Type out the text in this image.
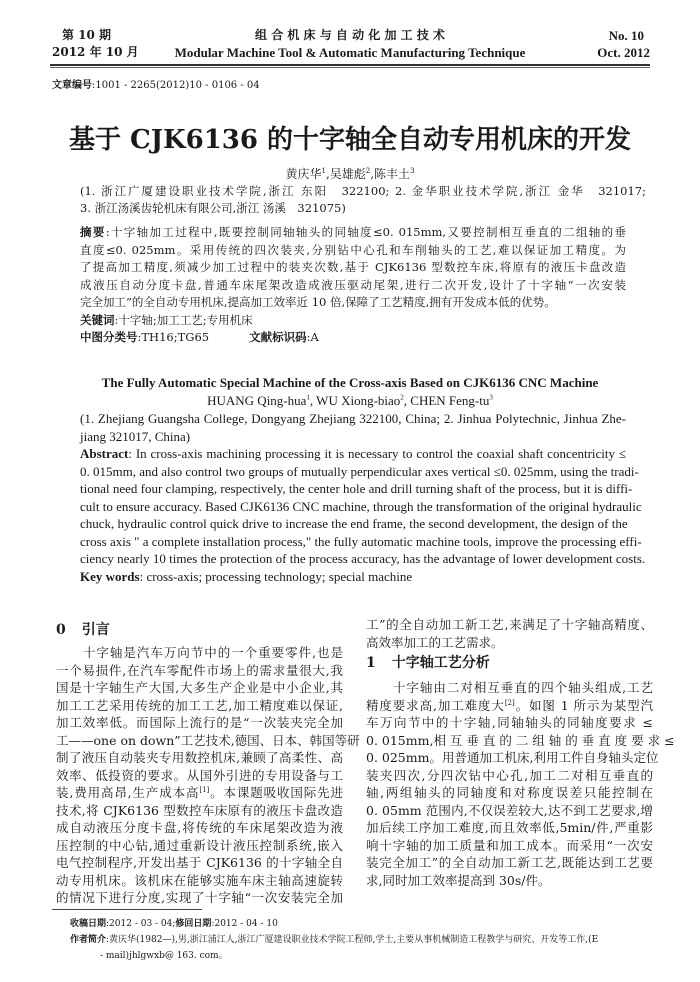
第 10 期
2012 年 10 月
组 合 机 床 与 自 动 化 加 工 技 术
Modular Machine Tool & Automatic Manufacturing Technique
No. 10
Oct. 2012
文章编号:1001 - 2265(2012)10 - 0106 - 04
基于 CJK6136 的十字轴全自动专用机床的开发
黄庆华$^1$,吴雄彪$^2$,陈丰土$^3$
(1. 浙江广厦建设职业技术学院,浙江 东阳　322100; 2. 金华职业技术学院,浙江 金华　321017;
3. 浙江汤溪齿轮机床有限公司,浙江 汤溪　321075)
摘要:十字轴加工过程中,既要控制同轴轴头的同轴度≤0. 015mm,又要控制相互垂直的二组轴的垂
直度≤0. 025mm。采用传统的四次装夹,分别钻中心孔和车削轴头的工艺,难以保证加工精度。为
了提高加工精度,须减少加工过程中的装夹次数,基于 CJK6136 型数控车床,将原有的液压卡盘改造
成液压自动分度卡盘,普通车床尾架改造成液压驱动尾架,进行二次开发,设计了十字轴“一次安装
完全加工”的全自动专用机床,提高加工效率近 10 倍,保障了工艺精度,拥有开发成本低的优势。
关键词:十字轴;加工工艺;专用机床
中图分类号:TH16;TG65	文献标识码:A
The Fully Automatic Special Machine of the Cross-axis Based on CJK6136 CNC Machine
HUANG Qing-hua$^1$, WU Xiong-biao$^2$, CHEN Feng-$tu^3$
(1. Zhejiang Guangsha College, Dongyang Zhejiang 322100, China; 2. Jinhua Polytechnic, Jinhua Zhe-
jiang 321017, China)
Abstract: In cross-axis machining processing it is necessary to control the coaxial shaft concentricity ≤
0. 015mm, and also control two groups of mutually perpendicular axes vertical ≤0. 025mm, using the tradi-
tional need four clamping, respectively, the center hole and drill turning shaft of the process, but it is diffi-
cult to ensure accuracy. Based CJK6136 CNC machine, through the transformation of the original hydraulic
chuck, hydraulic control quick drive to increase the end frame, the second development, the design of the
cross axis " a complete installation process," the fully automatic machine tools, improve the processing effi-
ciency nearly 10 times the protection of the process accuracy, has the advantage of lower development costs.
Key words: cross-axis; processing technology; special machine
0 引言
　　十字轴是汽车万向节中的一个重要零件,也是
一个易损件,在汽车零配件市场上的需求量很大,我
国是十字轴生产大国,大多生产企业是中小企业,其
加工工艺采用传统的加工工艺,加工精度难以保证,
加工效率低。而国际上流行的是“一次装夹完全加
工——one on down”工艺技术,德国、日本、韩国等研
制了液压自动装夹专用数控机床,兼顾了高柔性、高
效率、低投资的要求。从国外引进的专用设备与工
装,费用高昂,生产成本高[1]。本课题吸收国际先进
技术,将 CJK6136 型数控车床原有的液压卡盘改造
成自动液压分度卡盘,将传统的车床尾架改造为液
压控制的中心钻,通过重新设计液压控制系统,嵌入
电气控制程序,开发出基于 CJK6136 的十字轴全自
动专用机床。该机床在能够实施车床主轴高速旋转
的情况下进行分度,实现了十字轴“一次安装完全加
工”的全自动加工新工艺,来满足了十字轴高精度、
高效率加工的工艺需求。
1 十字轴工艺分析
　　十字轴由二对相互垂直的四个轴头组成,工艺
精度要求高,加工难度大[2]。如图 1 所示为某型汽
车万向节中的十字轴,同轴轴头的同轴度要求 ≤
0. 015mm,相 互 垂 直 的 二 组 轴 的 垂 直 度 要 求 ≤
0. 025mm。用普通加工机床,利用工件自身轴头定位
装夹四次,分四次钻中心孔,加工二对相互垂直的
轴,两组轴头的同轴度和对称度误差只能控制在
0. 05mm 范围内,不仅误差较大,达不到工艺要求,增
加后续工序加工难度,而且效率低,5min/件,严重影
响十字轴的加工质量和加工成本。而采用“一次安
装完全加工”的全自动加工新工艺,既能达到工艺要
求,同时加工效率提高到 30s/件。
收稿日期:2012 - 03 - 04;修回日期:2012 - 04 - 10
作者简介:黄庆华(1982—),男,浙江浦江人,浙江广厦建设职业技术学院工程师,学士,主要从事机械制造工程教学与研究、开发等工作,(E
- mail)jhlgwxb@ 163. com。
